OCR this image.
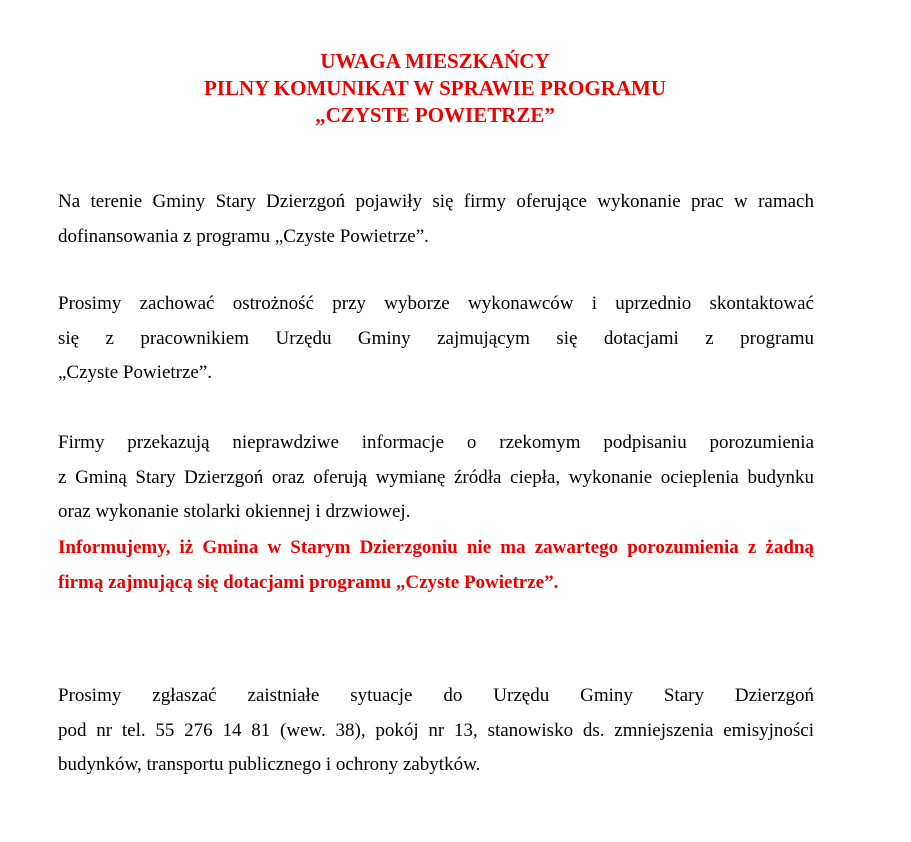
UWAGA MIESZKAŃCY
PILNY KOMUNIKAT W SPRAWIE PROGRAMU
„CZYSTE POWIETRZE”
Na terenie Gminy Stary Dzierzgoń pojawiły się firmy oferujące wykonanie prac w ramach
dofinansowania z programu „Czyste Powietrze”.
Prosimy zachować ostrożność przy wyborze wykonawców i uprzednio skontaktować
się z pracownikiem Urzędu Gminy zajmującym się dotacjami z programu
„Czyste Powietrze”.
Firmy przekazują nieprawdziwe informacje o rzekomym podpisaniu porozumienia
z Gminą Stary Dzierzgoń oraz oferują wymianę źródła ciepła, wykonanie ocieplenia budynku
oraz wykonanie stolarki okiennej i drzwiowej.
Informujemy, iż Gmina w Starym Dzierzgoniu nie ma zawartego porozumienia z żadną
firmą zajmującą się dotacjami programu „Czyste Powietrze”.
Prosimy zgłaszać zaistniałe sytuacje do Urzędu Gminy Stary Dzierzgoń
pod nr tel. 55 276 14 81 (wew. 38), pokój nr 13, stanowisko ds. zmniejszenia emisyjności
budynków, transportu publicznego i ochrony zabytków.
